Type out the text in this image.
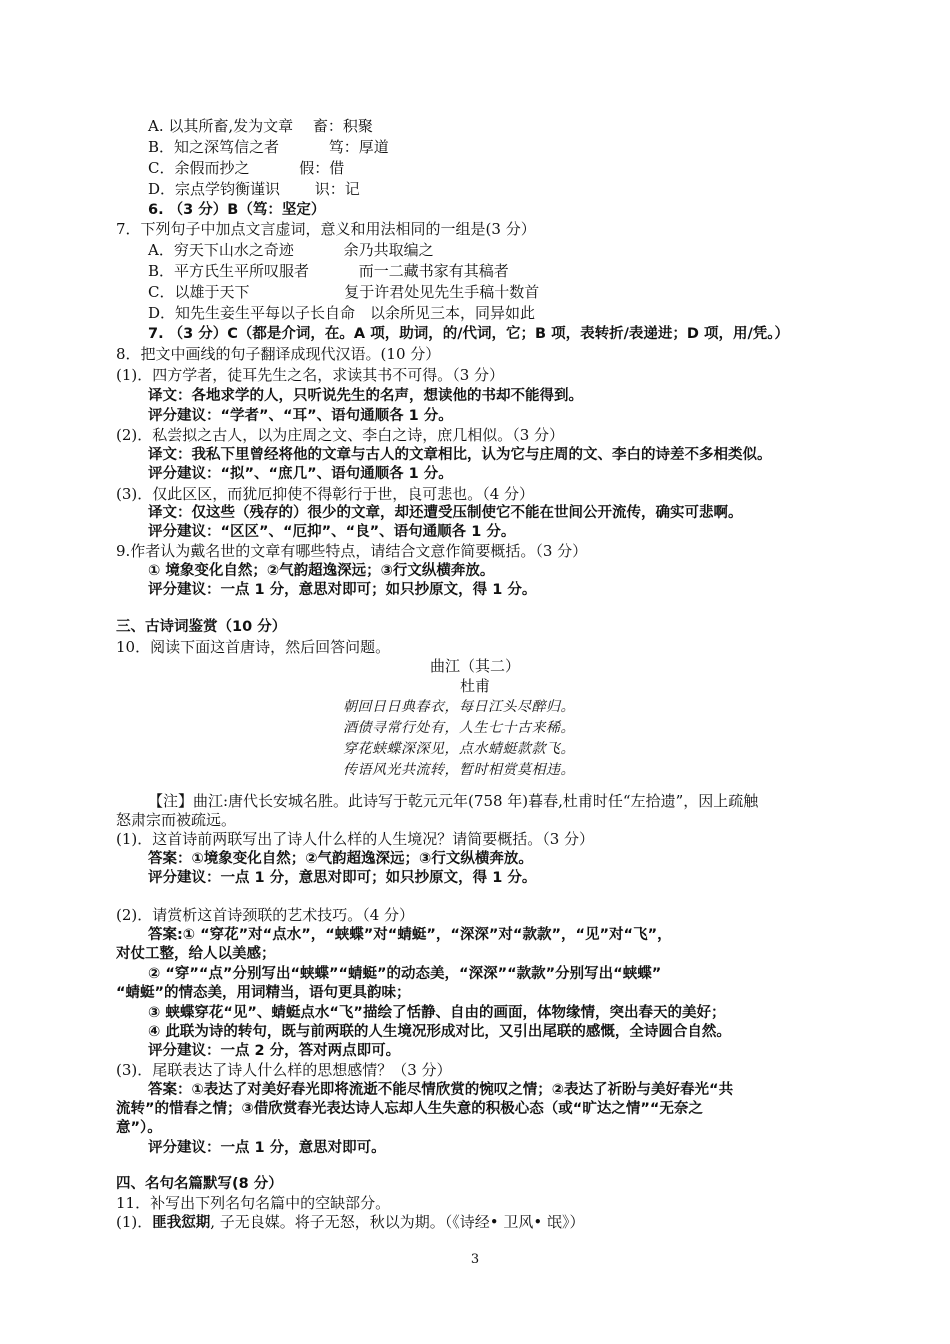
A. 以其所畜,发为文章　 畜：积聚
B．知之深笃信之者　　　 笃：厚道
C．余假而抄之　　　 假：借
D．宗点学钧衡谨识　　 识：记
6. （3 分）B（笃：坚定）
7．下列句子中加点文言虚词，意义和用法相同的一组是(3 分）
A．穷天下山水之奇迹　　　 余乃共取编之
B．平方氏生平所叹服者　　　 而一二藏书家有其稿者
C．以雄于天下　　　　　　 复于许君处见先生手稿十数首
D．知先生妾生平每以子长自命　以余所见三本，同异如此
7. （3 分）C（都是介词，在。A 项，助词，的/代词，它；B 项，表转折/表递进；D 项，用/凭。）
8．把文中画线的句子翻译成现代汉语。(10 分）
(1)．四方学者，徒耳先生之名，求读其书不可得。（3 分）
译文：各地求学的人，只听说先生的名声，想读他的书却不能得到。
评分建议：“学者”、“耳”、语句通顺各 1 分。
(2)．私尝拟之古人，以为庄周之文、李白之诗，庶几相似。（3 分）
译文：我私下里曾经将他的文章与古人的文章相比，认为它与庄周的文、李白的诗差不多相类似。
评分建议：“拟”、“庶几”、语句通顺各 1 分。
(3)．仅此区区，而犹厄抑使不得彰行于世，良可悲也。（4 分）
译文：仅这些（残存的）很少的文章，却还遭受压制使它不能在世间公开流传，确实可悲啊。
评分建议：“区区”、“厄抑”、“良”、语句通顺各 1 分。
9.作者认为戴名世的文章有哪些特点，请结合文意作简要概括。（3 分）
① 境象变化自然；②气韵超逸深远；③行文纵横奔放。
评分建议：一点 1 分，意思对即可；如只抄原文，得 1 分。
三、古诗词鉴赏（10 分）
10．阅读下面这首唐诗，然后回答问题。
曲江（其二）
杜甫
朝回日日典春衣，每日江头尽醉归。
酒债寻常行处有，人生七十古来稀。
穿花蛱蝶深深见，点水蜻蜓款款飞。
传语风光共流转，暂时相赏莫相违。
【注】曲江:唐代长安城名胜。此诗写于乾元元年(758 年)暮春,杜甫时任“左拾遗”，因上疏触
怒肃宗而被疏远。
(1)．这首诗前两联写出了诗人什么样的人生境况？请简要概括。（3 分）
答案：①境象变化自然；②气韵超逸深远；③行文纵横奔放。
评分建议：一点 1 分，意思对即可；如只抄原文，得 1 分。
(2)．请赏析这首诗颈联的艺术技巧。（4 分）
答案:① “穿花”对“点水”，“蛱蝶”对“蜻蜓”，“深深”对“款款”，“见”对“飞”，
对仗工整，给人以美感；
② “穿”“点”分别写出“蛱蝶”“蜻蜓”的动态美，“深深”“款款”分别写出“蛱蝶”
“蜻蜓”的情态美，用词精当，语句更具韵味；
③ 蛱蝶穿花“见”、蜻蜓点水“飞”描绘了恬静、自由的画面，体物缘情，突出春天的美好；
④ 此联为诗的转句，既与前两联的人生境况形成对比，又引出尾联的感慨，全诗圆合自然。
评分建议：一点 2 分，答对两点即可。
(3)．尾联表达了诗人什么样的思想感情？（3 分）
答案：①表达了对美好春光即将流逝不能尽情欣赏的惋叹之情；②表达了祈盼与美好春光“共
流转”的惜春之情；③借欣赏春光表达诗人忘却人生失意的积极心态（或“旷达之情”“无奈之
意”）。
评分建议：一点 1 分，意思对即可。
四、名句名篇默写(8 分）
11．补写出下列名句名篇中的空缺部分。
(1)．匪我愆期, 子无良媒。将子无怒，秋以为期。（《诗经• 卫风• 氓》）
3
